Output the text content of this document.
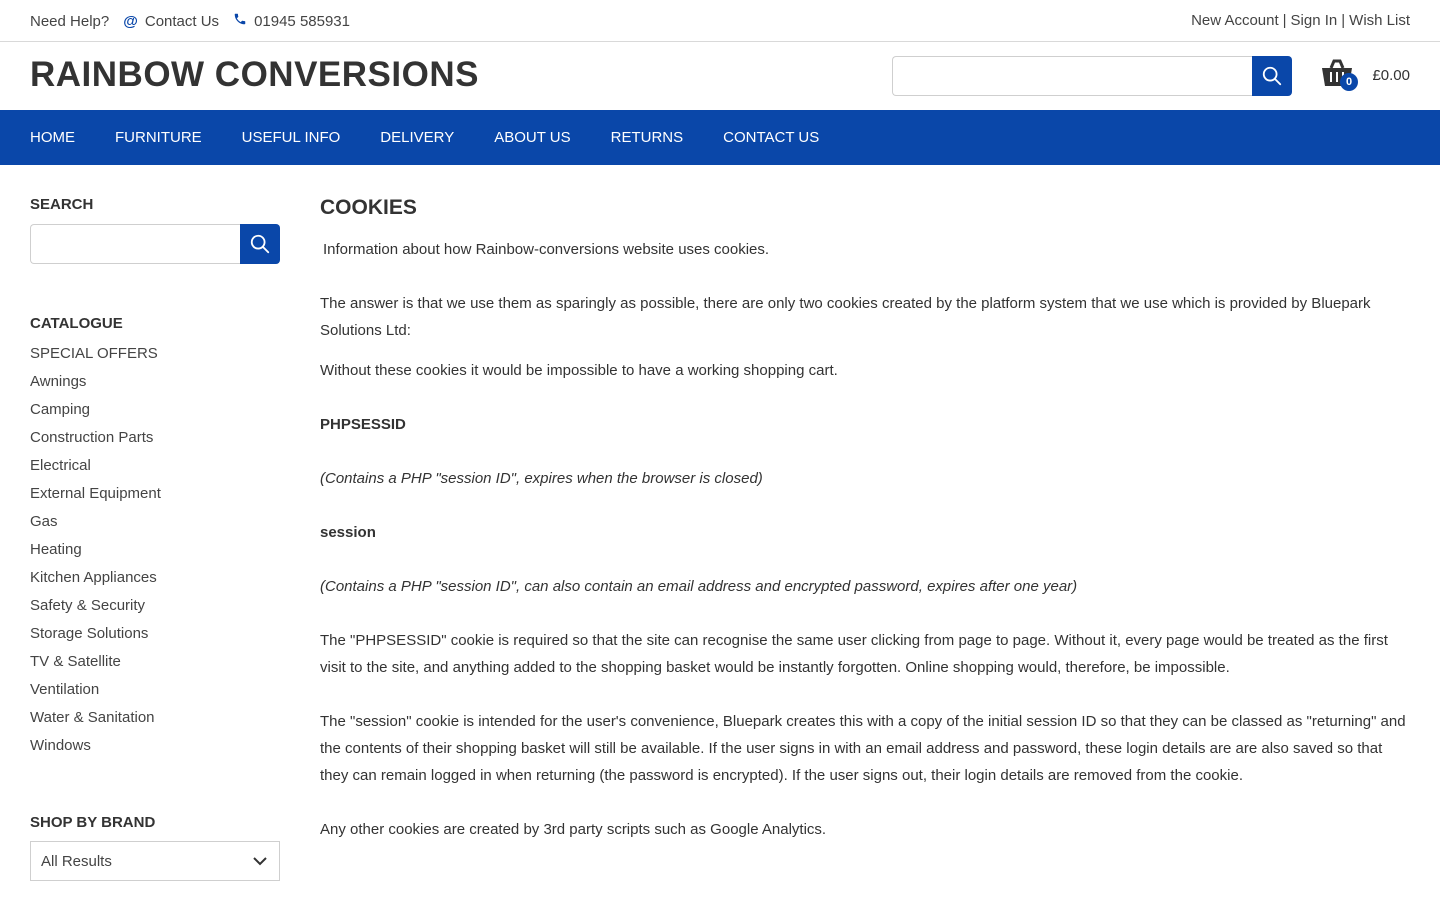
Need Help? @ Contact Us 01945 585931	New Account | Sign In | Wish List
RAINBOW CONVERSIONS	0	£0.00
HOME	FURNITURE	USEFUL INFO	DELIVERY	ABOUT US	RETURNS	CONTACT US
SEARCH
CATALOGUE
SPECIAL OFFERS
Awnings
Camping
Construction Parts
Electrical
External Equipment
Gas
Heating
Kitchen Appliances
Safety & Security
Storage Solutions
TV & Satellite
Ventilation
Water & Sanitation
Windows
SHOP BY BRAND
All Results
COOKIES

Information about how Rainbow-conversions website uses cookies.

The answer is that we use them as sparingly as possible, there are only two cookies created by the platform system that we use which is provided by Bluepark Solutions Ltd:

Without these cookies it would be impossible to have a working shopping cart.

PHPSESSID

(Contains a PHP "session ID", expires when the browser is closed)

session

(Contains a PHP "session ID", can also contain an email address and encrypted password, expires after one year)

The "PHPSESSID" cookie is required so that the site can recognise the same user clicking from page to page. Without it, every page would be treated as the first visit to the site, and anything added to the shopping basket would be instantly forgotten. Online shopping would, therefore, be impossible.

The "session" cookie is intended for the user's convenience, Bluepark creates this with a copy of the initial session ID so that they can be classed as "returning" and the contents of their shopping basket will still be available. If the user signs in with an email address and password, these login details are are also saved so that they can remain logged in when returning (the password is encrypted). If the user signs out, their login details are removed from the cookie.

Any other cookies are created by 3rd party scripts such as Google Analytics.
